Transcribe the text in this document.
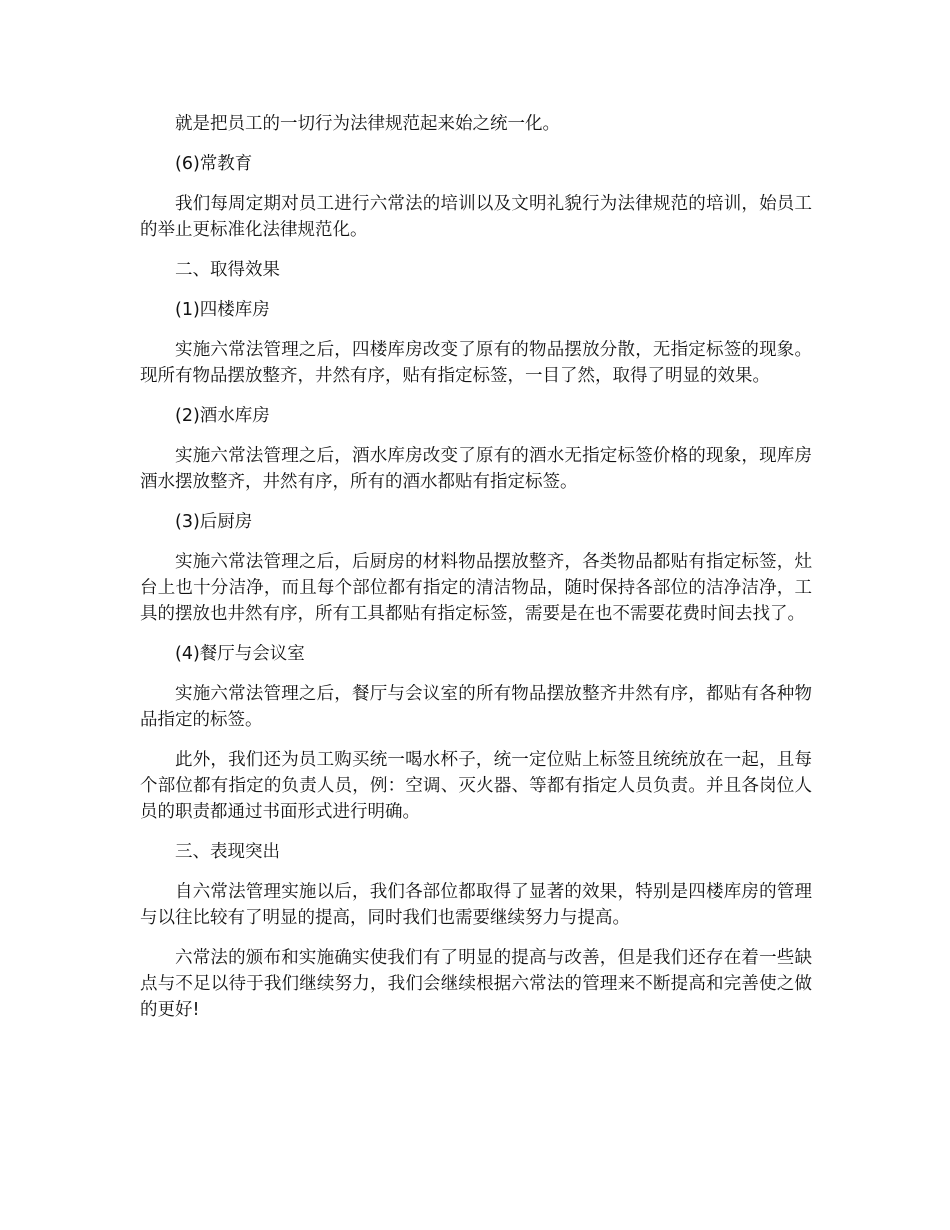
就是把员工的一切行为法律规范起来始之统一化。

(6)常教育

我们每周定期对员工进行六常法的培训以及文明礼貌行为法律规范的培训，始员工的举止更标准化法律规范化。

二、取得效果

(1)四楼库房

实施六常法管理之后，四楼库房改变了原有的物品摆放分散，无指定标签的现象。现所有物品摆放整齐，井然有序，贴有指定标签，一目了然，取得了明显的效果。

(2)酒水库房

实施六常法管理之后，酒水库房改变了原有的酒水无指定标签价格的现象，现库房酒水摆放整齐，井然有序，所有的酒水都贴有指定标签。

(3)后厨房

实施六常法管理之后，后厨房的材料物品摆放整齐，各类物品都贴有指定标签，灶台上也十分洁净，而且每个部位都有指定的清洁物品，随时保持各部位的洁净洁净，工具的摆放也井然有序，所有工具都贴有指定标签，需要是在也不需要花费时间去找了。

(4)餐厅与会议室

实施六常法管理之后，餐厅与会议室的所有物品摆放整齐井然有序，都贴有各种物品指定的标签。

此外，我们还为员工购买统一喝水杯子，统一定位贴上标签且统统放在一起，且每个部位都有指定的负责人员，例：空调、灭火器、等都有指定人员负责。并且各岗位人员的职责都通过书面形式进行明确。

三、表现突出

自六常法管理实施以后，我们各部位都取得了显著的效果，特别是四楼库房的管理与以往比较有了明显的提高，同时我们也需要继续努力与提高。

六常法的颁布和实施确实使我们有了明显的提高与改善，但是我们还存在着一些缺点与不足以待于我们继续努力，我们会继续根据六常法的管理来不断提高和完善使之做的更好!
